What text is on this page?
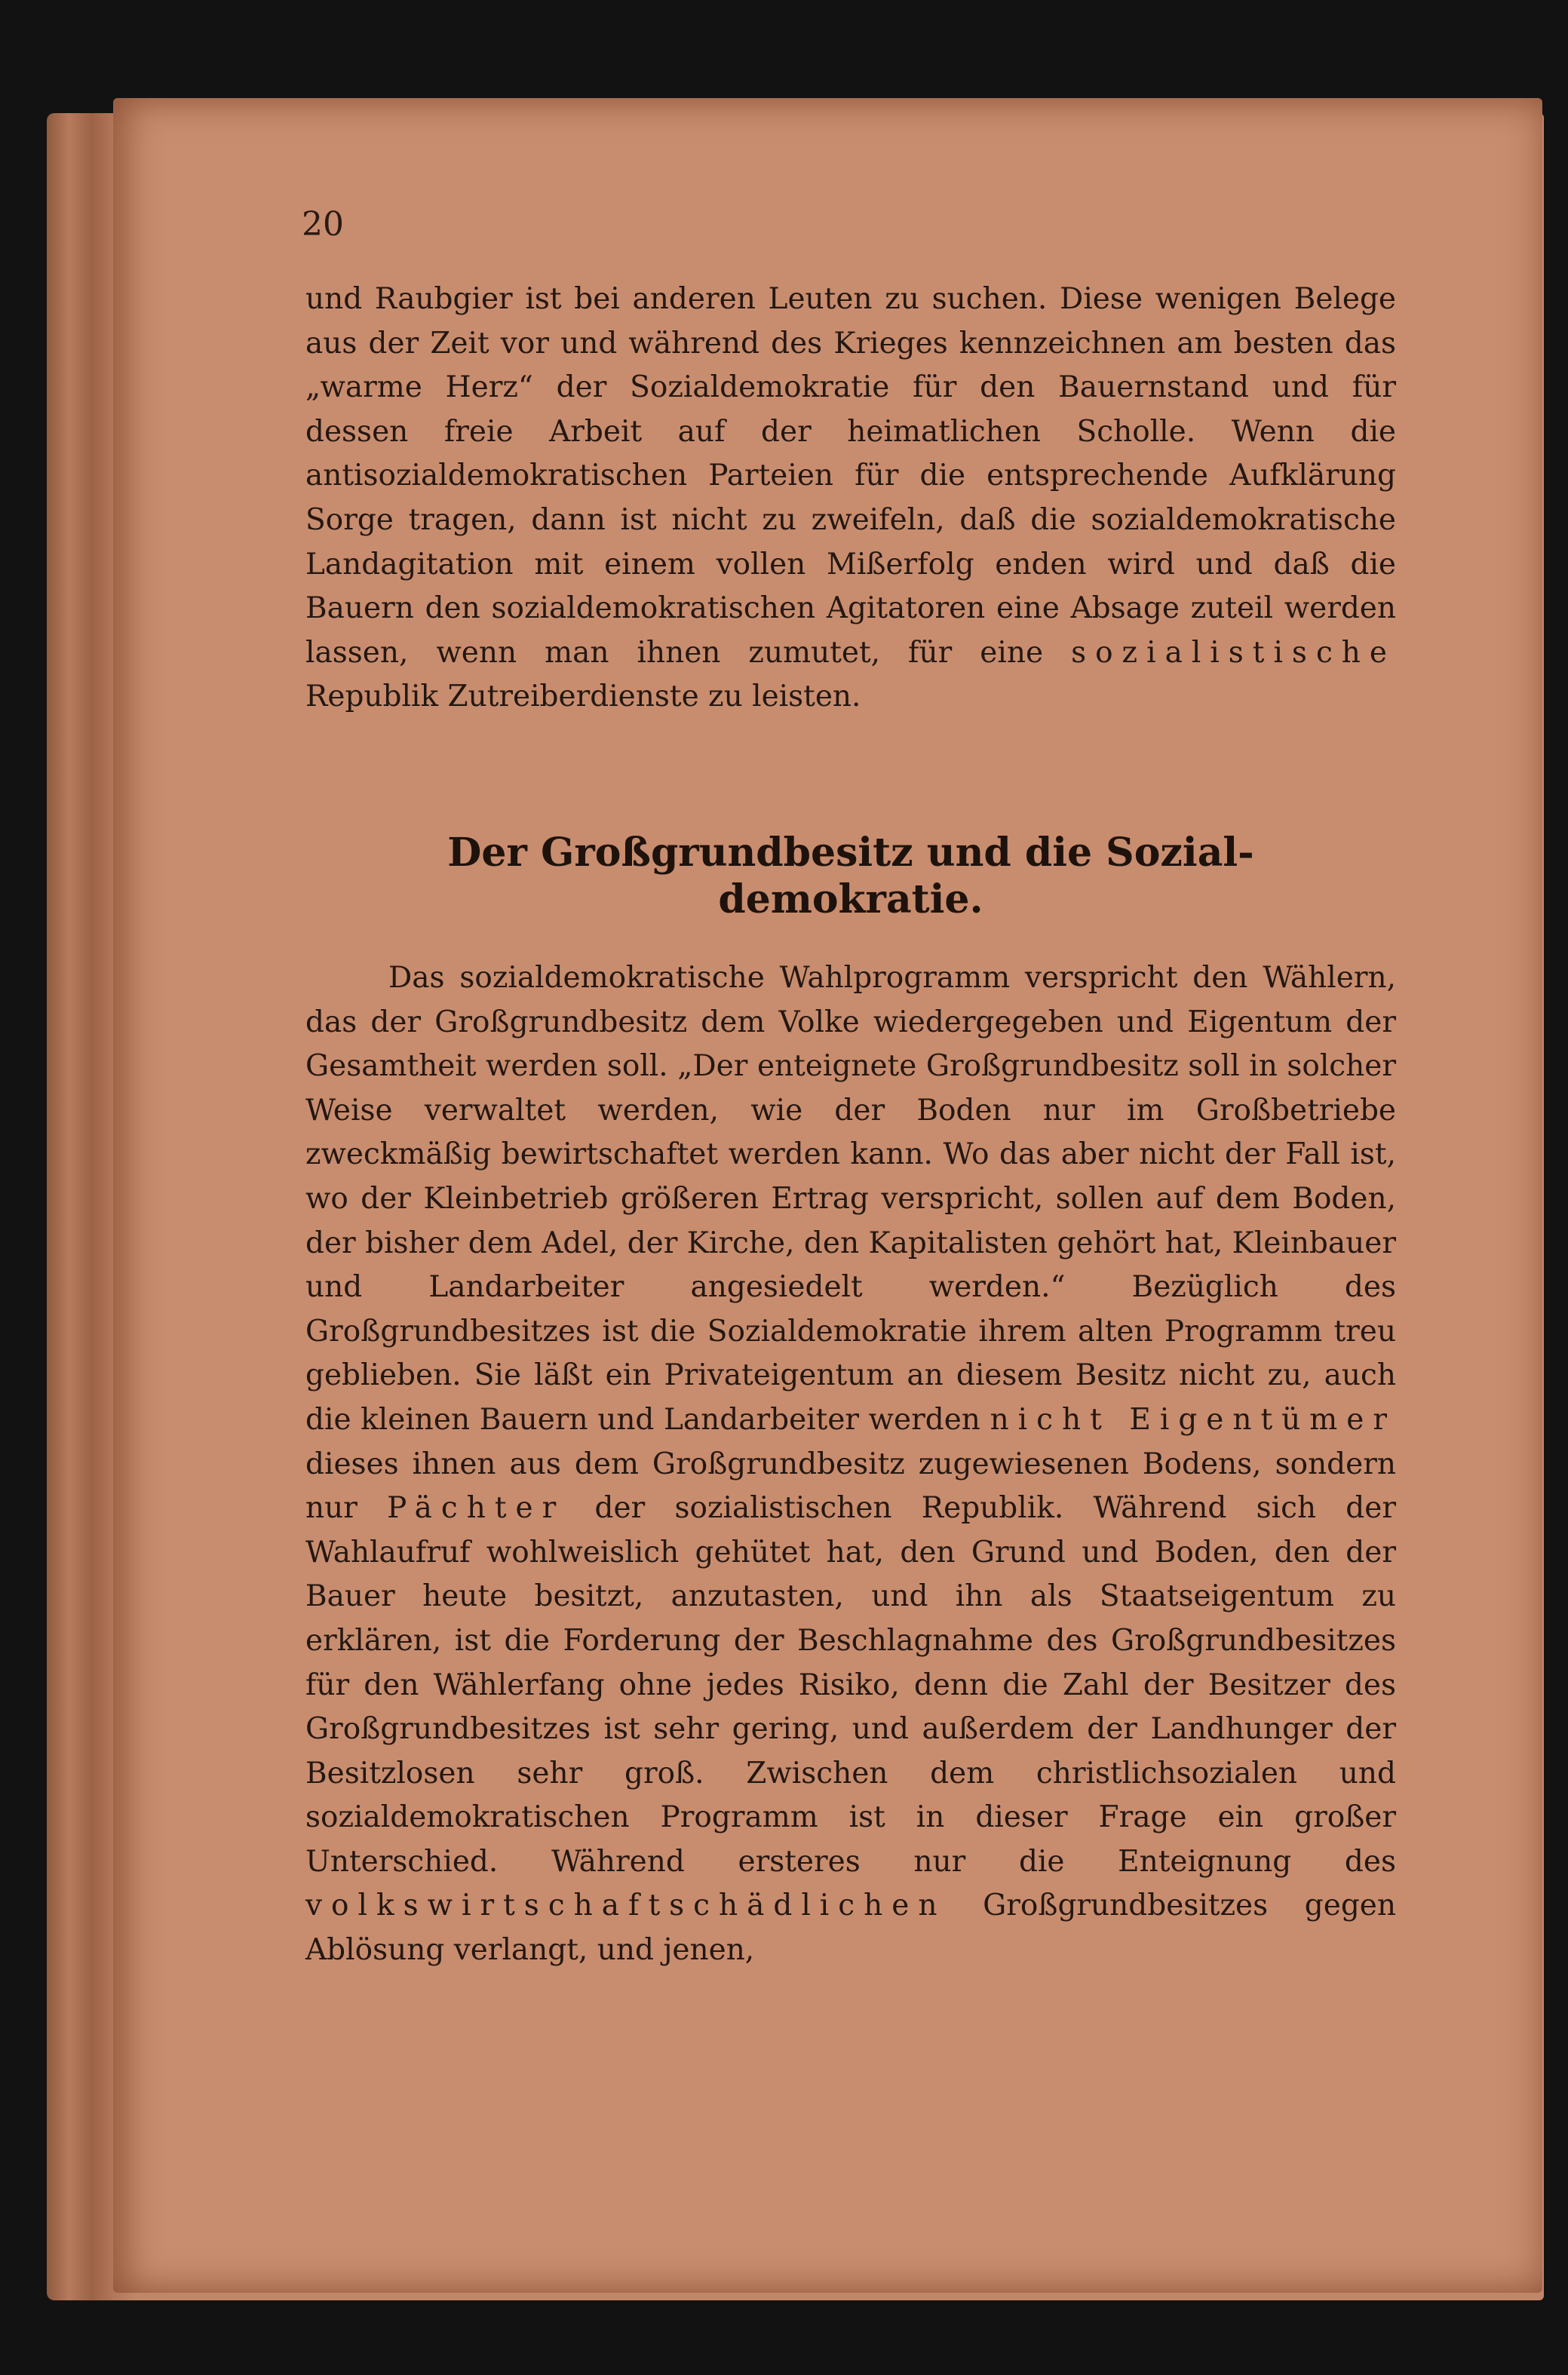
20

und Raubgier ist bei anderen Leuten zu suchen. Diese wenigen Belege aus der Zeit vor und während des Krieges kennzeichnen am besten das „warme Herz“ der Sozialdemokratie für den Bauernstand und für dessen freie Arbeit auf der heimatlichen Scholle. Wenn die antisozialdemokratischen Parteien für die entsprechende Aufklärung Sorge tragen, dann ist nicht zu zweifeln, daß die sozialdemokratische Landagitation mit einem vollen Mißerfolg enden wird und daß die Bauern den sozialdemokratischen Agitatoren eine Absage zuteil werden lassen, wenn man ihnen zumutet, für eine sozialistische Republik Zutreiberdienste zu leisten.

Der Großgrundbesitz und die Sozial-
demokratie.

Das sozialdemokratische Wahlprogramm verspricht den Wählern, das der Großgrundbesitz dem Volke wiedergegeben und Eigentum der Gesamtheit werden soll. „Der enteignete Großgrundbesitz soll in solcher Weise verwaltet werden, wie der Boden nur im Großbetriebe zweckmäßig bewirtschaftet werden kann. Wo das aber nicht der Fall ist, wo der Kleinbetrieb größeren Ertrag verspricht, sollen auf dem Boden, der bisher dem Adel, der Kirche, den Kapitalisten gehört hat, Kleinbauer und Landarbeiter angesiedelt werden.“ Bezüglich des Großgrundbesitzes ist die Sozialdemokratie ihrem alten Programm treu geblieben. Sie läßt ein Privateigentum an diesem Besitz nicht zu, auch die kleinen Bauern und Landarbeiter werden nicht Eigentümer dieses ihnen aus dem Großgrundbesitz zugewiesenen Bodens, sondern nur Pächter der sozialistischen Republik. Während sich der Wahlaufruf wohlweislich gehütet hat, den Grund und Boden, den der Bauer heute besitzt, anzutasten, und ihn als Staatseigentum zu erklären, ist die Forderung der Beschlagnahme des Großgrundbesitzes für den Wählerfang ohne jedes Risiko, denn die Zahl der Besitzer des Großgrundbesitzes ist sehr gering, und außerdem der Landhunger der Besitzlosen sehr groß. Zwischen dem christlichsozialen und sozialdemokratischen Programm ist in dieser Frage ein großer Unterschied. Während ersteres nur die Enteignung des volkswirtschaftschädlichen Großgrundbesitzes gegen Ablösung verlangt, und jenen,
